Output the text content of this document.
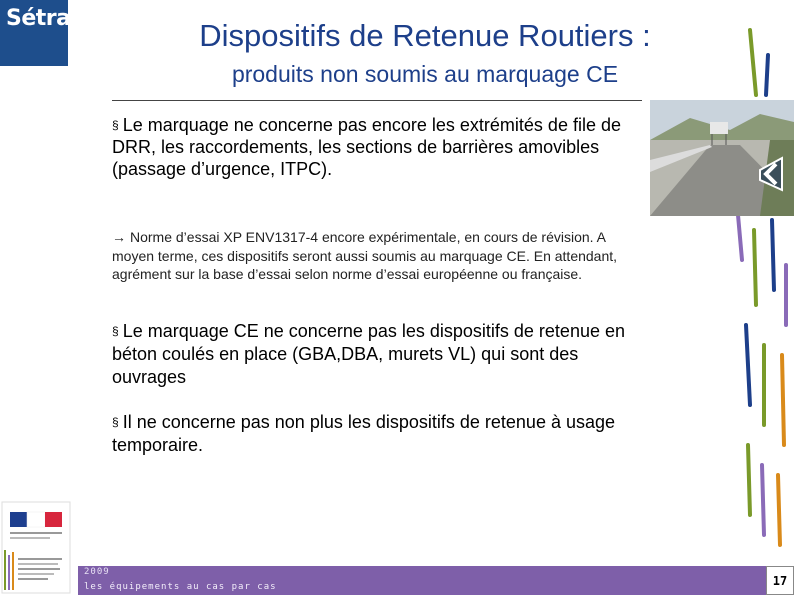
Sétra	Dispositifs de Retenue Routiers :
produits non soumis au marquage CE
§ Le marquage ne concerne pas encore les extrémités de file de DRR, les raccordements, les sections de barrières amovibles (passage d’urgence, ITPC).
→ Norme d’essai XP ENV1317-4 encore expérimentale, en cours de révision. A moyen terme, ces dispositifs seront aussi soumis au marquage CE. En attendant, agrément sur la base d’essai selon norme d’essai européenne ou française.
§ Le marquage CE ne concerne pas les dispositifs de retenue en béton coulés en place (GBA,DBA, murets VL) qui sont des ouvrages
§ Il ne concerne pas non plus les dispositifs de retenue à usage temporaire.
2009
les équipements au cas par cas	17
